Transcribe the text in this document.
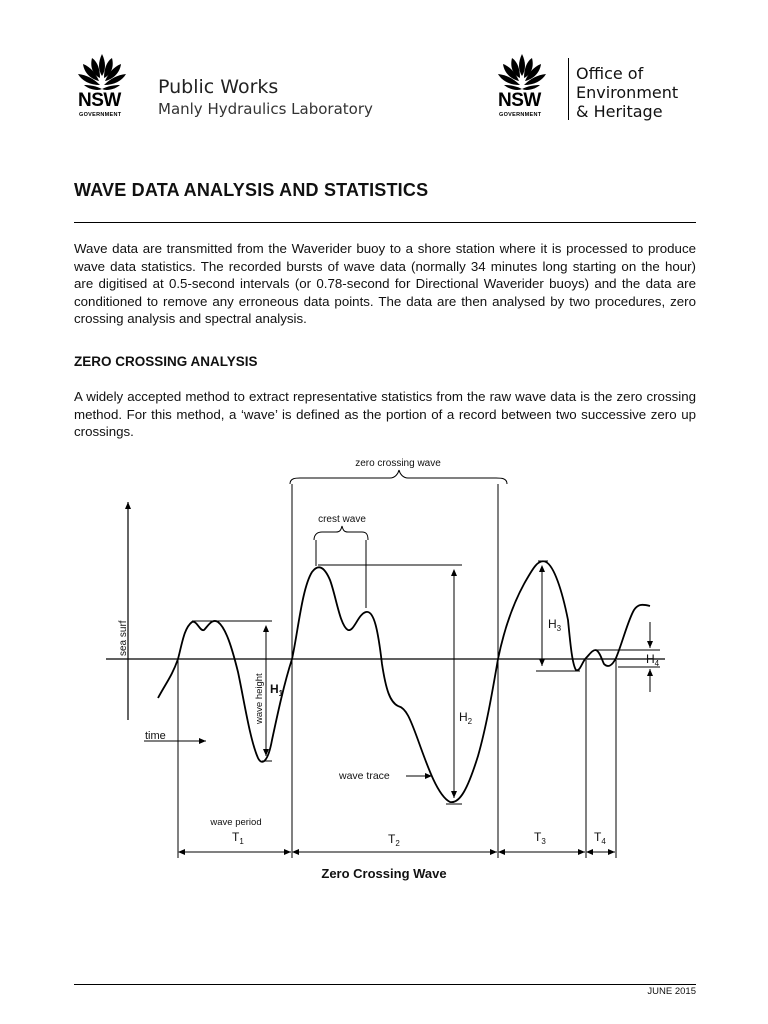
NSW
GOVERNMENT
Public Works
Manly Hydraulics Laboratory	NSW
GOVERNMENT
Office of
Environment
& Heritage
WAVE DATA ANALYSIS AND STATISTICS
Wave data are transmitted from the Waverider buoy to a shore station where it is processed to produce wave data statistics. The recorded bursts of wave data (normally 34 minutes long starting on the hour) are digitised at 0.5-second intervals (or 0.78-second for Directional Waverider buoys) and the data are conditioned to remove any erroneous data points. The data are then analysed by two procedures, zero crossing analysis and spectral analysis.
ZERO CROSSING ANALYSIS
A widely accepted method to extract representative statistics from the raw wave data is the zero crossing method. For this method, a ‘wave’ is defined as the portion of a record between two successive zero up crossings.
zero crossing wave
crest wave
$H_1$
$H_2$
$H_3$
$H_4$
sea surf
wave height
time
wave trace
wave period
$T_1$	$T_2$	$T_3$	$T_4$
Zero Crossing Wave
JUNE 2015
